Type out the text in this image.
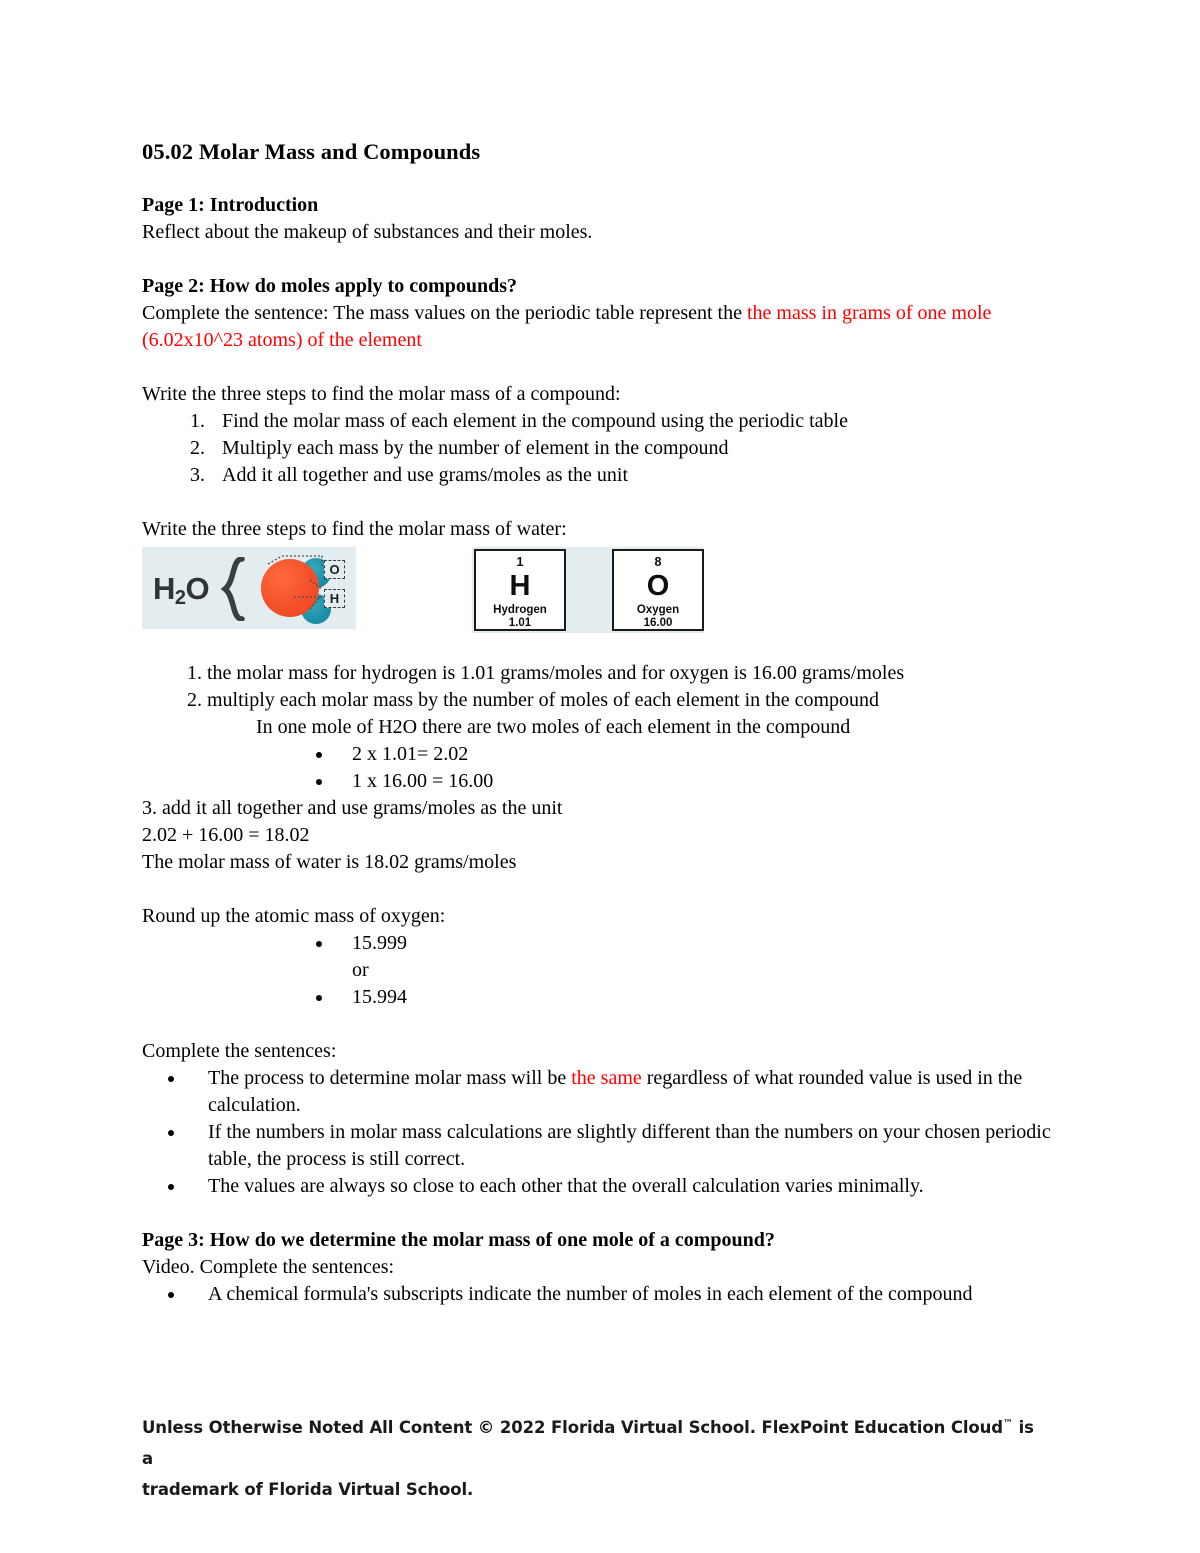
05.02 Molar Mass and Compounds
Page 1: Introduction
Reflect about the makeup of substances and their moles.
Page 2: How do moles apply to compounds?
Complete the sentence: The mass values on the periodic table represent the the mass in grams of one mole (6.02x10^23 atoms) of the element
Write the three steps to find the molar mass of a compound:
1. Find the molar mass of each element in the compound using the periodic table
2. Multiply each mass by the number of element in the compound
3. Add it all together and use grams/moles as the unit
Write the three steps to find the molar mass of water:
$H_2O$
O
H
1
H
Hydrogen
1.01
8
O
Oxygen
16.00
1. the molar mass for hydrogen is 1.01 grams/moles and for oxygen is 16.00 grams/moles
2. multiply each molar mass by the number of moles of each element in the compound
In one mole of H2O there are two moles of each element in the compound
• 2 x 1.01= 2.02
• 1 x 16.00 = 16.00
3. add it all together and use grams/moles as the unit
2.02 + 16.00 = 18.02
The molar mass of water is 18.02 grams/moles
Round up the atomic mass of oxygen:
• 15.999
or
• 15.994
Complete the sentences:
• The process to determine molar mass will be the same regardless of what rounded value is used in the calculation.
• If the numbers in molar mass calculations are slightly different than the numbers on your chosen periodic table, the process is still correct.
• The values are always so close to each other that the overall calculation varies minimally.
Page 3: How do we determine the molar mass of one mole of a compound?
Video. Complete the sentences:
• A chemical formula's subscripts indicate the number of moles in each element of the compound
Unless Otherwise Noted All Content © 2022 Florida Virtual School. FlexPoint Education Cloud™ is a
trademark of Florida Virtual School.
